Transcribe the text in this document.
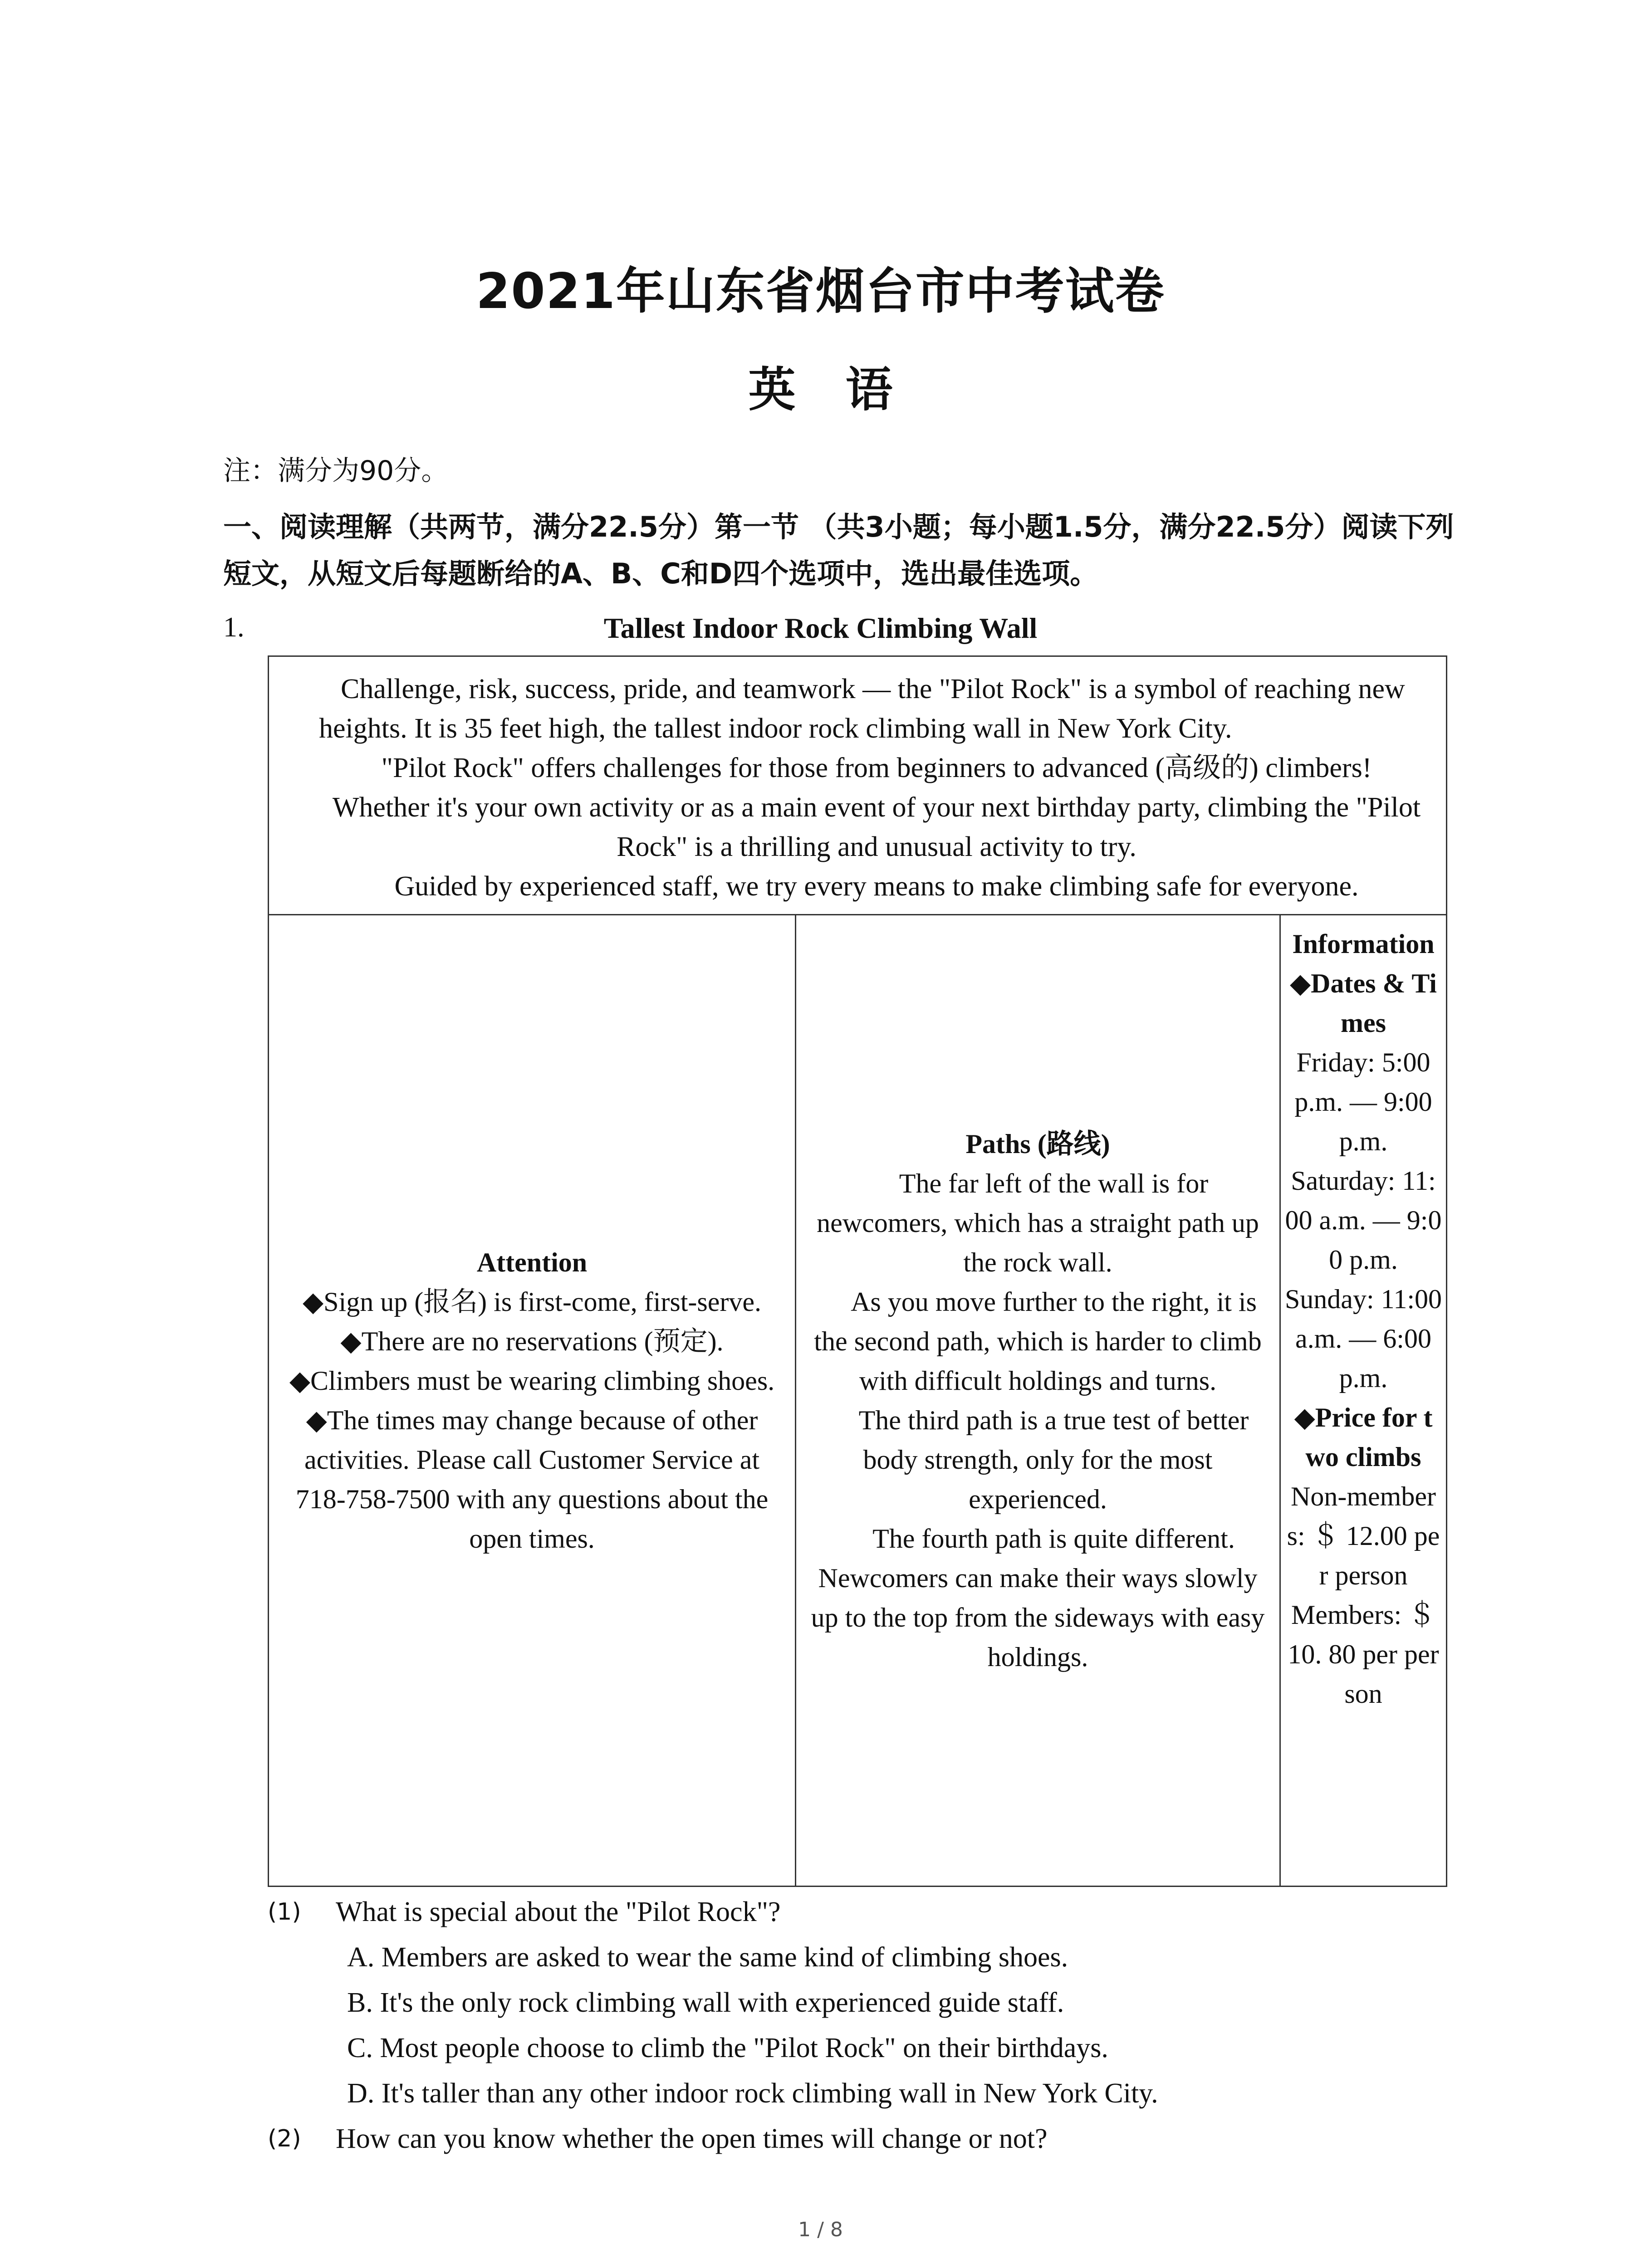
2021年山东省烟台市中考试卷
英语
注：满分为90分。
一、阅读理解（共两节，满分22.5分）第一节 （共3小题；每小题1.5分，满分22.5分）阅读下列短文，从短文后每题断给的A、B、C和D四个选项中，选出最佳选项。
1.	Tallest Indoor Rock Climbing Wall

Challenge, risk, success, pride, and teamwork — the "Pilot Rock" is a symbol of reaching new heights. It is 35 feet high, the tallest indoor rock climbing wall in New York City.

"Pilot Rock" offers challenges for those from beginners to advanced (高级的) climbers!

Whether it's your own activity or as a main event of your next birthday party, climbing the "Pilot Rock" is a thrilling and unusual activity to try.

Guided by experienced staff, we try every means to make climbing safe for everyone.

Attention

◆Sign up (报名) is first-come, first-serve.

◆There are no reservations (预定).

◆Climbers must be wearing climbing shoes.

◆The times may change because of other activities. Please call Customer Service at 718-758-7500 with any questions about the open times.

Paths (路线)

The far left of the wall is for newcomers, which has a straight path up the rock wall.

As you move further to the right, it is the second path, which is harder to climb with difficult holdings and turns.

The third path is a true test of better body strength, only for the most experienced.

The fourth path is quite different. Newcomers can make their ways slowly up to the top from the sideways with easy holdings.

Information

◆Dates & Times

Friday: 5:00 p.m. — 9:00 p.m.

Saturday: 11:00 a.m. — 9:00 p.m.

Sunday: 11:00 a.m. — 6:00 p.m.

◆Price for two climbs

Non-members: ＄ 12.00 per person

Members: ＄ 10. 80 per person

(1) What is special about the "Pilot Rock"?
A. Members are asked to wear the same kind of climbing shoes.
B. It's the only rock climbing wall with experienced guide staff.
C. Most people choose to climb the "Pilot Rock" on their birthdays.
D. It's taller than any other indoor rock climbing wall in New York City.
(2) How can you know whether the open times will change or not?
1 / 8
